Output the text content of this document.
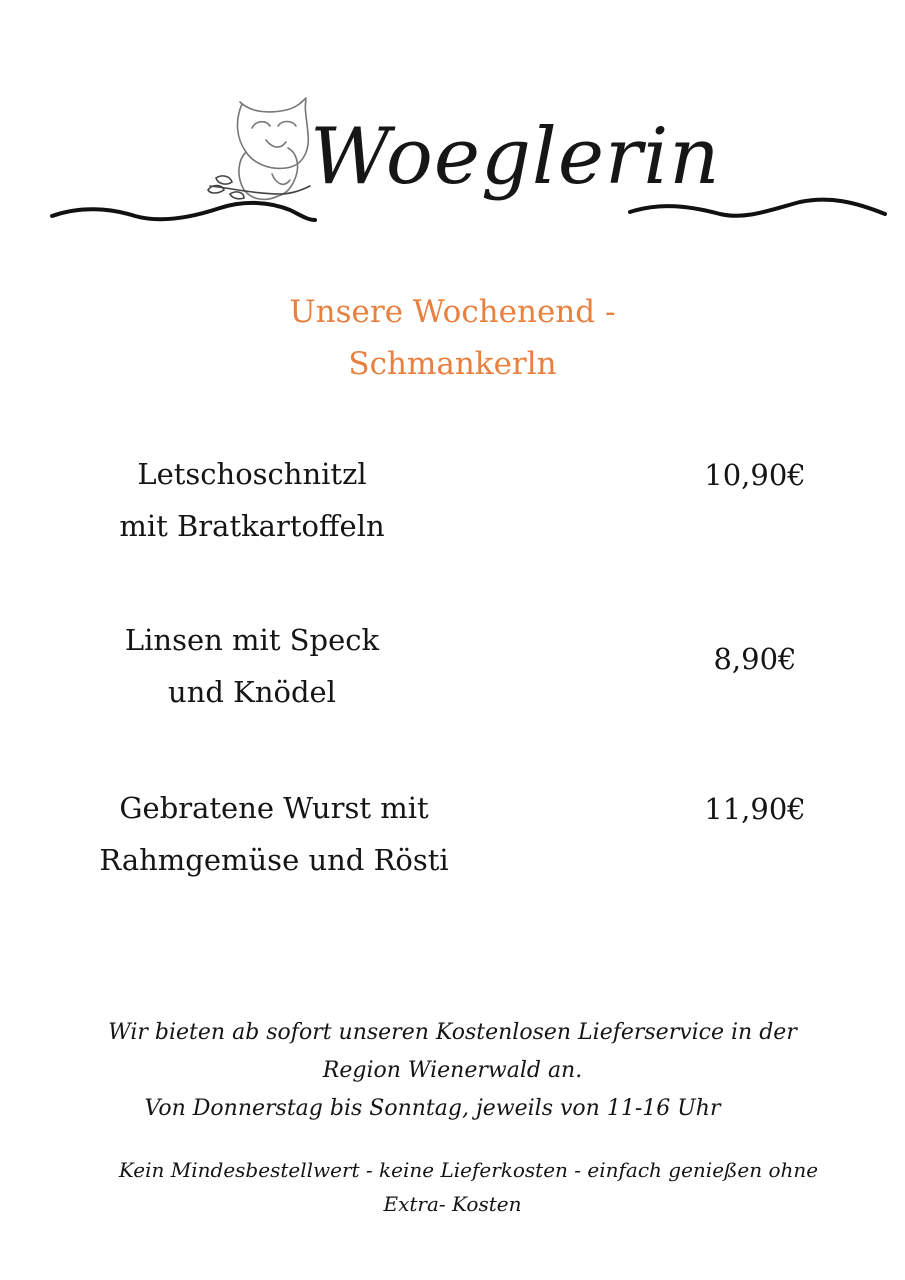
Woeglerin
Unsere Wochenend -
Schmankerln
Letschoschnitzl
mit Bratkartoffeln
10,90€
Linsen mit Speck
und Knödel
8,90€
Gebratene Wurst mit
Rahmgemüse und Rösti
11,90€
Wir bieten ab sofort unseren Kostenlosen Lieferservice in der
Region Wienerwald an.
Von Donnerstag bis Sonntag, jeweils von 11-16 Uhr
Kein Mindesbestellwert - keine Lieferkosten - einfach genießen ohne
Extra- Kosten
